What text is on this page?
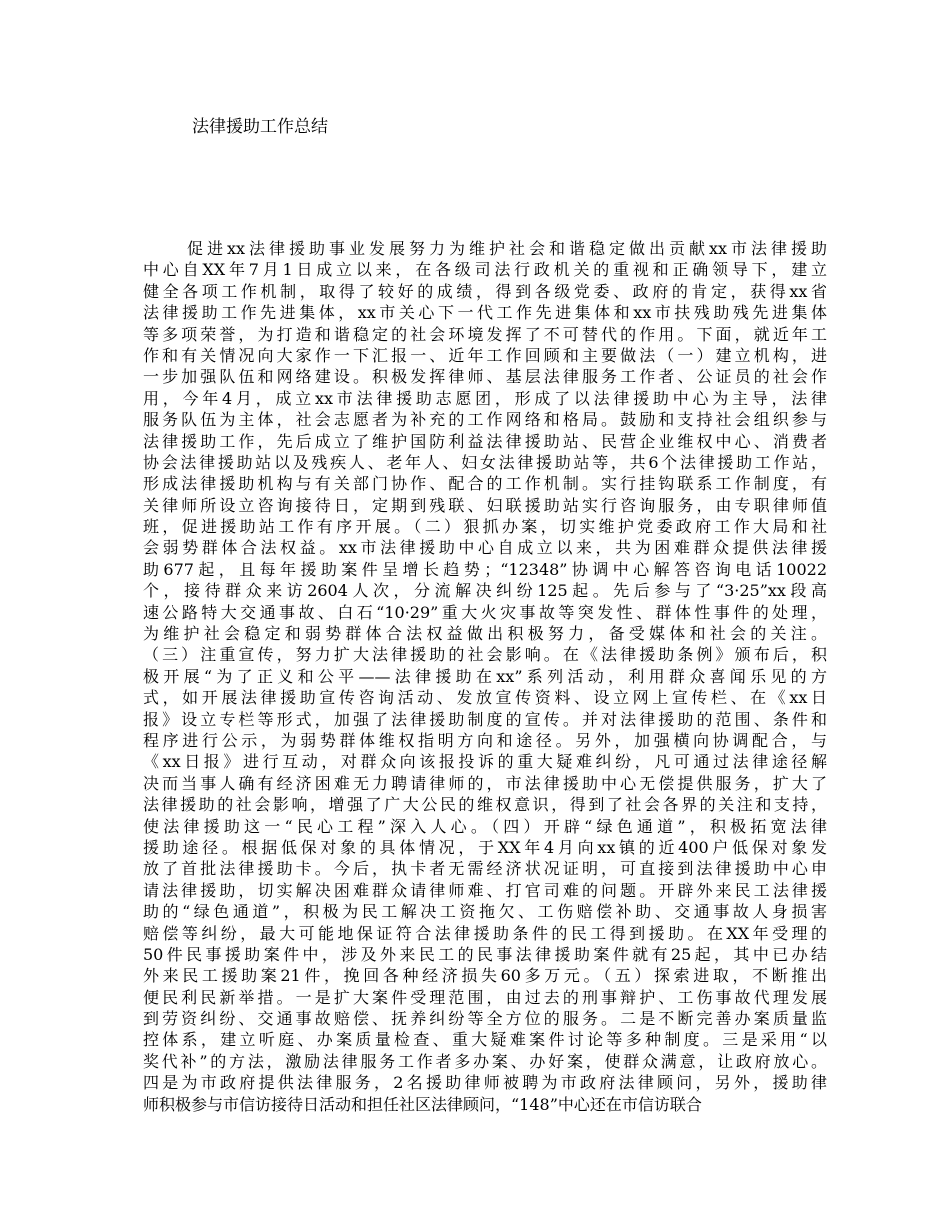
法律援助工作总结
促进xx法律援助事业发展努力为维护社会和谐稳定做出贡献xx市法律援助
中心自XX年7月1日成立以来，在各级司法行政机关的重视和正确领导下，建立
健全各项工作机制，取得了较好的成绩，得到各级党委、政府的肯定，获得xx省
法律援助工作先进集体，xx市关心下一代工作先进集体和xx市扶残助残先进集体
等多项荣誉，为打造和谐稳定的社会环境发挥了不可替代的作用。下面，就近年工
作和有关情况向大家作一下汇报一、近年工作回顾和主要做法（一）建立机构，进
一步加强队伍和网络建设。积极发挥律师、基层法律服务工作者、公证员的社会作
用，今年4月，成立xx市法律援助志愿团，形成了以法律援助中心为主导，法律
服务队伍为主体，社会志愿者为补充的工作网络和格局。鼓励和支持社会组织参与
法律援助工作，先后成立了维护国防利益法律援助站、民营企业维权中心、消费者
协会法律援助站以及残疾人、老年人、妇女法律援助站等，共6个法律援助工作站，
形成法律援助机构与有关部门协作、配合的工作机制。实行挂钩联系工作制度，有
关律师所设立咨询接待日，定期到残联、妇联援助站实行咨询服务，由专职律师值
班，促进援助站工作有序开展。（二）狠抓办案，切实维护党委政府工作大局和社
会弱势群体合法权益。xx市法律援助中心自成立以来，共为困难群众提供法律援
助677起，且每年援助案件呈增长趋势；“12348”协调中心解答咨询电话10022
个，接待群众来访2604人次，分流解决纠纷125起。先后参与了“3·25”xx段高
速公路特大交通事故、白石“10·29”重大火灾事故等突发性、群体性事件的处理，
为维护社会稳定和弱势群体合法权益做出积极努力，备受媒体和社会的关注。
（三）注重宣传，努力扩大法律援助的社会影响。在《法律援助条例》颁布后，积
极开展“为了正义和公平——法律援助在xx”系列活动，利用群众喜闻乐见的方
式，如开展法律援助宣传咨询活动、发放宣传资料、设立网上宣传栏、在《xx日
报》设立专栏等形式，加强了法律援助制度的宣传。并对法律援助的范围、条件和
程序进行公示，为弱势群体维权指明方向和途径。另外，加强横向协调配合，与
《xx日报》进行互动，对群众向该报投诉的重大疑难纠纷，凡可通过法律途径解
决而当事人确有经济困难无力聘请律师的，市法律援助中心无偿提供服务，扩大了
法律援助的社会影响，增强了广大公民的维权意识，得到了社会各界的关注和支持，
使法律援助这一“民心工程”深入人心。（四）开辟“绿色通道”，积极拓宽法律
援助途径。根据低保对象的具体情况，于XX年4月向xx镇的近400户低保对象发
放了首批法律援助卡。今后，执卡者无需经济状况证明，可直接到法律援助中心申
请法律援助，切实解决困难群众请律师难、打官司难的问题。开辟外来民工法律援
助的“绿色通道”，积极为民工解决工资拖欠、工伤赔偿补助、交通事故人身损害
赔偿等纠纷，最大可能地保证符合法律援助条件的民工得到援助。在XX年受理的
50件民事援助案件中，涉及外来民工的民事法律援助案件就有25起，其中已办结
外来民工援助案21件，挽回各种经济损失60多万元。（五）探索进取，不断推出
便民利民新举措。一是扩大案件受理范围，由过去的刑事辩护、工伤事故代理发展
到劳资纠纷、交通事故赔偿、抚养纠纷等全方位的服务。二是不断完善办案质量监
控体系，建立听庭、办案质量检查、重大疑难案件讨论等多种制度。三是采用“以
奖代补”的方法，激励法律服务工作者多办案、办好案，使群众满意，让政府放心。
四是为市政府提供法律服务，2名援助律师被聘为市政府法律顾问，另外，援助律
师积极参与市信访接待日活动和担任社区法律顾问，“148”中心还在市信访联合
